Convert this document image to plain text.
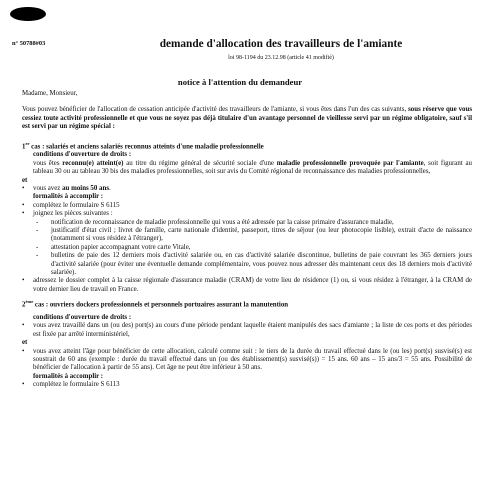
n° 50788#03	demande d'allocation des travailleurs de l'amiante
loi 98-1194 du 23.12.98 (article 41 modifié)
notice à l'attention du demandeur

Madame, Monsieur,

Vous pouvez bénéficier de l'allocation de cessation anticipée d'activité des travailleurs de l'amiante, si vous êtes dans l'un des cas suivants, sous réserve que vous cessiez toute activité professionnelle et que vous ne soyez pas déjà titulaire d'un avantage personnel de vieillesse servi par un régime obligatoire, sauf s'il est servi par un régime spécial :

1er cas : salariés et anciens salariés reconnus atteints d'une maladie professionnelle

conditions d'ouverture de droits :

vous êtes reconnu(e) atteint(e) au titre du régime général de sécurité sociale d'une maladie professionnelle provoquée par l'amiante, soit figurant au tableau 30 ou au tableau 30 bis des maladies professionnelles, soit sur avis du Comité régional de reconnaissance des maladies professionnelles,

et

• vous avez au moins 50 ans.

formalités à accomplir :

• complétez le formulaire S 6115

• joignez les pièces suivantes :

- notification de reconnaissance de maladie professionnelle qui vous a été adressée par la caisse primaire d'assurance maladie,

- justificatif d'état civil ; livret de famille, carte nationale d'identité, passeport, titres de séjour (ou leur photocopie lisible), extrait d'acte de naissance (notamment si vous résidez à l'étranger),

- attestation papier accompagnant votre carte Vitale,

- bulletins de paie des 12 derniers mois d'activité salariée ou, en cas d'activité salariée discontinue, bulletins de paie couvrant les 365 derniers jours d'activité salariée (pour éviter une éventuelle demande complémentaire, vous pouvez nous adresser dès maintenant ceux des 18 derniers mois d'activité salariée).

• adressez le dossier complet à la caisse régionale d'assurance maladie (CRAM) de votre lieu de résidence (1) ou, si vous résidez à l'étranger, à la CRAM de votre dernier lieu de travail en France.

2ème cas : ouvriers dockers professionnels et personnels portuaires assurant la manutention

conditions d'ouverture de droits :

• vous avez travaillé dans un (ou des) port(s) au cours d'une période pendant laquelle étaient manipulés des sacs d'amiante ; la liste de ces ports et des périodes est fixée par arrêté interministériel,

et

• vous avez atteint l'âge pour bénéficier de cette allocation, calculé comme suit : le tiers de la durée du travail effectué dans le (ou les) port(s) susvisé(s) est soustrait de 60 ans (exemple : durée du travail effectué dans un (ou des établissement(s) susvisé(s)) = 15 ans. 60 ans – 15 ans/3 = 55 ans. Possibilité de bénéficier de l'allocation à partir de 55 ans). Cet âge ne peut être inférieur à 50 ans.

formalités à accomplir :

• complétez le formulaire S 6113
